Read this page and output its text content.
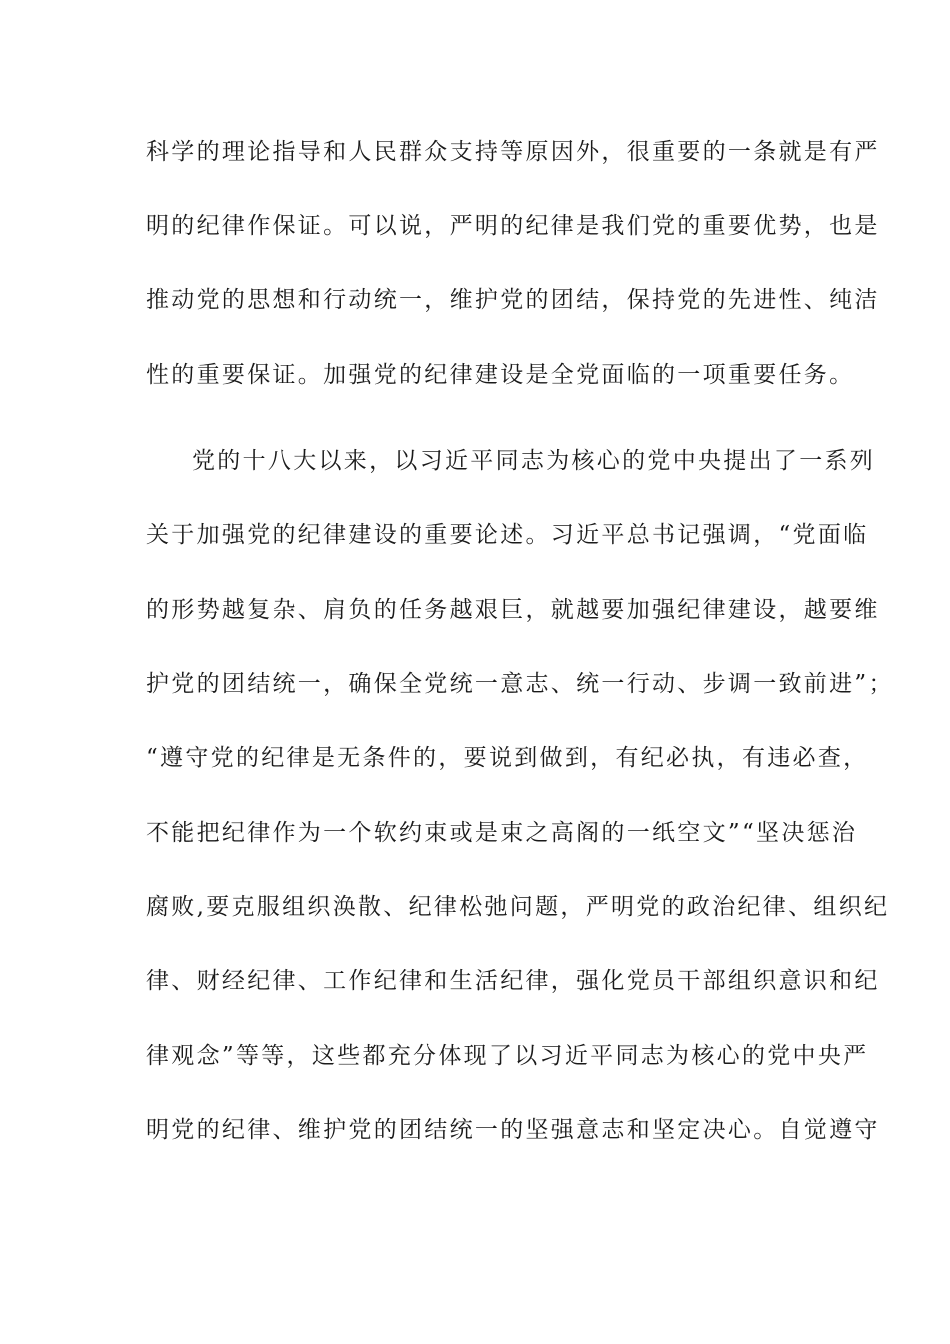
科学的理论指导和人民群众支持等原因外，很重要的一条就是有严
明的纪律作保证。可以说，严明的纪律是我们党的重要优势，也是
推动党的思想和行动统一，维护党的团结，保持党的先进性、纯洁
性的重要保证。加强党的纪律建设是全党面临的一项重要任务。
党的十八大以来，以习近平同志为核心的党中央提出了一系列
关于加强党的纪律建设的重要论述。习近平总书记强调，“党面临
的形势越复杂、肩负的任务越艰巨，就越要加强纪律建设，越要维
护党的团结统一，确保全党统一意志、统一行动、步调一致前进”；
“遵守党的纪律是无条件的，要说到做到，有纪必执，有违必查，
不能把纪律作为一个软约束或是束之高阁的一纸空文”“坚决惩治
腐败,要克服组织涣散、纪律松弛问题，严明党的政治纪律、组织纪
律、财经纪律、工作纪律和生活纪律，强化党员干部组织意识和纪
律观念”等等，这些都充分体现了以习近平同志为核心的党中央严
明党的纪律、维护党的团结统一的坚强意志和坚定决心。自觉遵守
